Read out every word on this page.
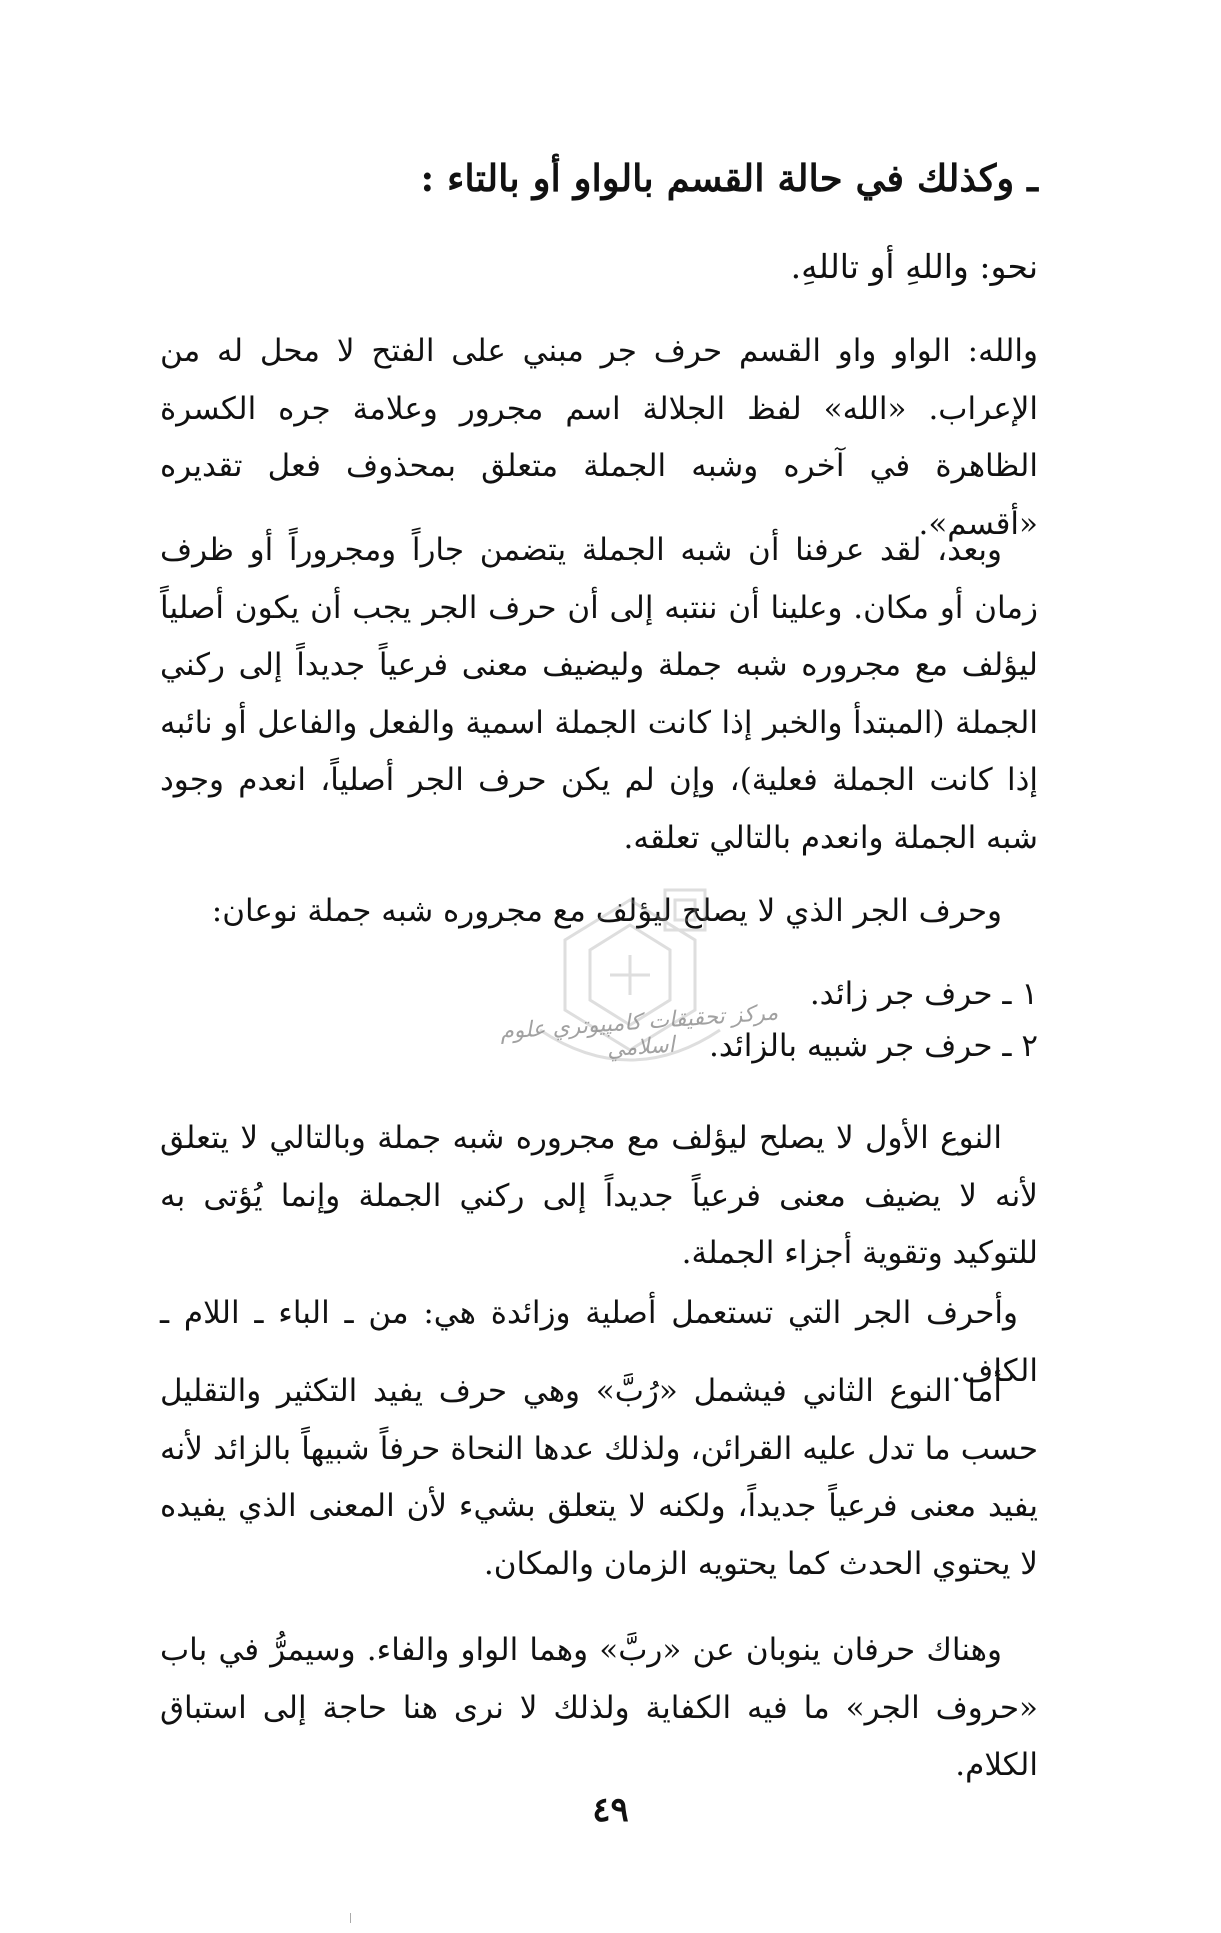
ـ وكذلك في حالة القسم بالواو أو بالتاء :
نحو: واللهِ أو تاللهِ.
والله: الواو واو القسم حرف جر مبني على الفتح لا محل له من الإعراب. «الله» لفظ الجلالة اسم مجرور وعلامة جره الكسرة الظاهرة في آخره وشبه الجملة متعلق بمحذوف فعل تقديره «أقسم».
وبعد، لقد عرفنا أن شبه الجملة يتضمن جاراً ومجروراً أو ظرف زمان أو مكان. وعلينا أن ننتبه إلى أن حرف الجر يجب أن يكون أصلياً ليؤلف مع مجروره شبه جملة وليضيف معنى فرعياً جديداً إلى ركني الجملة (المبتدأ والخبر إذا كانت الجملة اسمية والفعل والفاعل أو نائبه إذا كانت الجملة فعلية)، وإن لم يكن حرف الجر أصلياً، انعدم وجود شبه الجملة وانعدم بالتالي تعلقه.
وحرف الجر الذي لا يصلح ليؤلف مع مجروره شبه جملة نوعان:
١ ـ حرف جر زائد.
٢ ـ حرف جر شبيه بالزائد.
النوع الأول لا يصلح ليؤلف مع مجروره شبه جملة وبالتالي لا يتعلق لأنه لا يضيف معنى فرعياً جديداً إلى ركني الجملة وإنما يُؤتى به للتوكيد وتقوية أجزاء الجملة.
وأحرف الجر التي تستعمل أصلية وزائدة هي: من ـ الباء ـ اللام ـ الكاف.
أما النوع الثاني فيشمل «رُبَّ» وهي حرف يفيد التكثير والتقليل حسب ما تدل عليه القرائن، ولذلك عدها النحاة حرفاً شبيهاً بالزائد لأنه يفيد معنى فرعياً جديداً، ولكنه لا يتعلق بشيء لأن المعنى الذي يفيده لا يحتوي الحدث كما يحتويه الزمان والمكان.
وهناك حرفان ينوبان عن «ربَّ» وهما الواو والفاء. وسيمرُّ في باب «حروف الجر» ما فيه الكفاية ولذلك لا نرى هنا حاجة إلى استباق الكلام.
٤٩
مركز تحقيقات كامپيوتري علوم اسلامي
